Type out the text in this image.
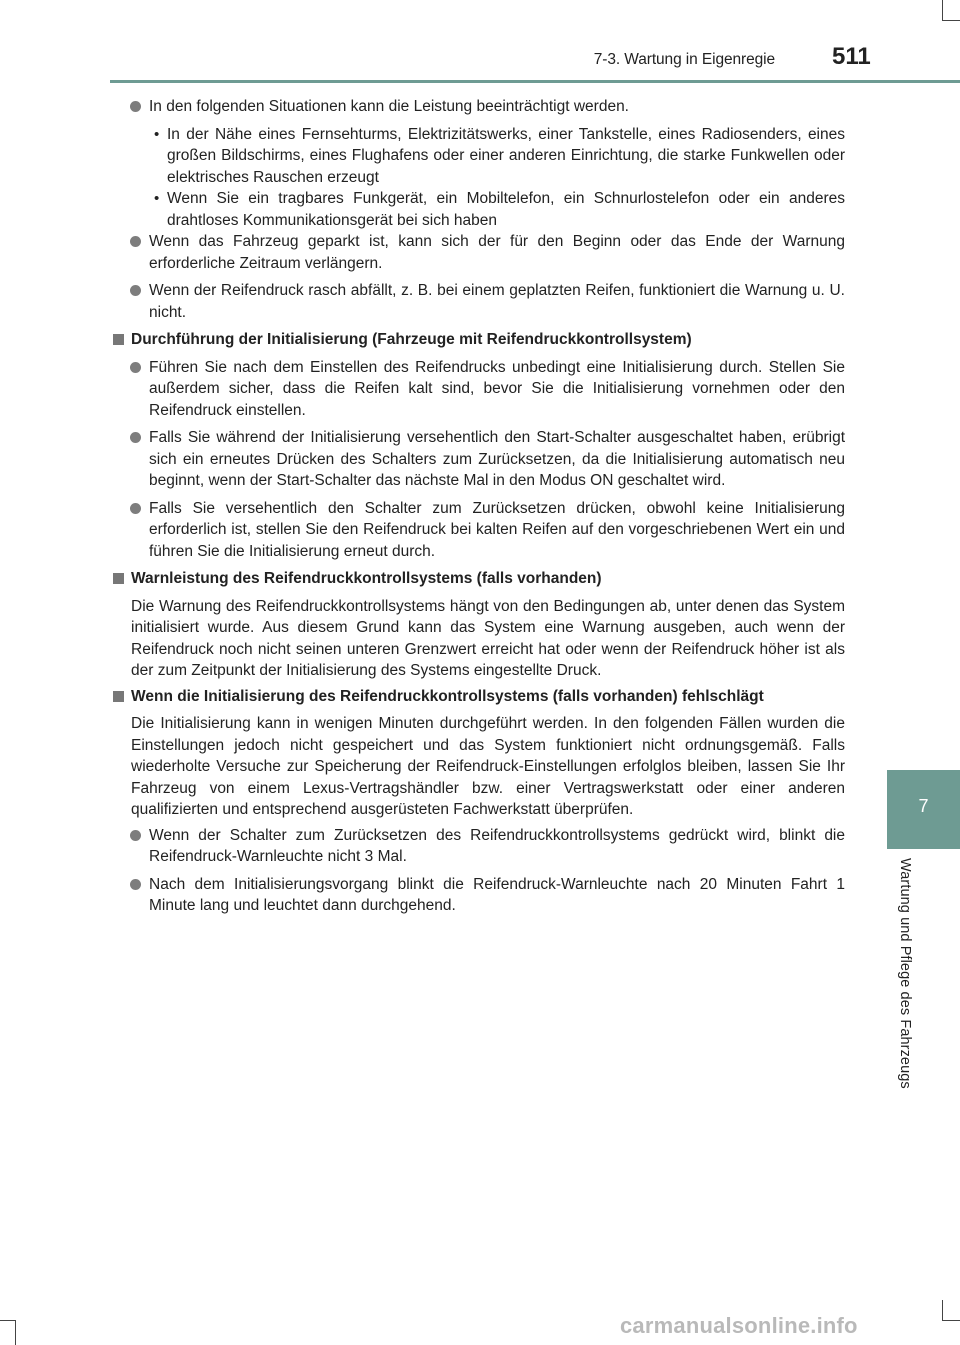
7-3. Wartung in Eigenregie 511
7
Wartung und Pflege des Fahrzeugs
In den folgenden Situationen kann die Leistung beeinträchtigt werden.
• In der Nähe eines Fernsehturms, Elektrizitätswerks, einer Tankstelle, eines Radiosenders, eines großen Bildschirms, eines Flughafens oder einer anderen Einrichtung, die starke Funkwellen oder elektrisches Rauschen erzeugt
• Wenn Sie ein tragbares Funkgerät, ein Mobiltelefon, ein Schnurlostelefon oder ein anderes drahtloses Kommunikationsgerät bei sich haben
Wenn das Fahrzeug geparkt ist, kann sich der für den Beginn oder das Ende der Warnung erforderliche Zeitraum verlängern.
Wenn der Reifendruck rasch abfällt, z. B. bei einem geplatzten Reifen, funktioniert die Warnung u. U. nicht.
Durchführung der Initialisierung (Fahrzeuge mit Reifendruckkontrollsystem)
Führen Sie nach dem Einstellen des Reifendrucks unbedingt eine Initialisierung durch. Stellen Sie außerdem sicher, dass die Reifen kalt sind, bevor Sie die Initialisierung vornehmen oder den Reifendruck einstellen.
Falls Sie während der Initialisierung versehentlich den Start-Schalter ausgeschaltet haben, erübrigt sich ein erneutes Drücken des Schalters zum Zurücksetzen, da die Initialisierung automatisch neu beginnt, wenn der Start-Schalter das nächste Mal in den Modus ON geschaltet wird.
Falls Sie versehentlich den Schalter zum Zurücksetzen drücken, obwohl keine Initialisierung erforderlich ist, stellen Sie den Reifendruck bei kalten Reifen auf den vorgeschriebenen Wert ein und führen Sie die Initialisierung erneut durch.
Warnleistung des Reifendruckkontrollsystems (falls vorhanden)
Die Warnung des Reifendruckkontrollsystems hängt von den Bedingungen ab, unter denen das System initialisiert wurde. Aus diesem Grund kann das System eine Warnung ausgeben, auch wenn der Reifendruck noch nicht seinen unteren Grenzwert erreicht hat oder wenn der Reifendruck höher ist als der zum Zeitpunkt der Initialisierung des Systems eingestellte Druck.
Wenn die Initialisierung des Reifendruckkontrollsystems (falls vorhanden) fehlschlägt
Die Initialisierung kann in wenigen Minuten durchgeführt werden. In den folgenden Fällen wurden die Einstellungen jedoch nicht gespeichert und das System funktioniert nicht ordnungsgemäß. Falls wiederholte Versuche zur Speicherung der Reifendruck-Einstellungen erfolglos bleiben, lassen Sie Ihr Fahrzeug von einem Lexus-Vertragshändler bzw. einer Vertragswerkstatt oder einer anderen qualifizierten und entsprechend ausgerüsteten Fachwerkstatt überprüfen.
Wenn der Schalter zum Zurücksetzen des Reifendruckkontrollsystems gedrückt wird, blinkt die Reifendruck-Warnleuchte nicht 3 Mal.
Nach dem Initialisierungsvorgang blinkt die Reifendruck-Warnleuchte nach 20 Minuten Fahrt 1 Minute lang und leuchtet dann durchgehend.
carmanualsonline.info
